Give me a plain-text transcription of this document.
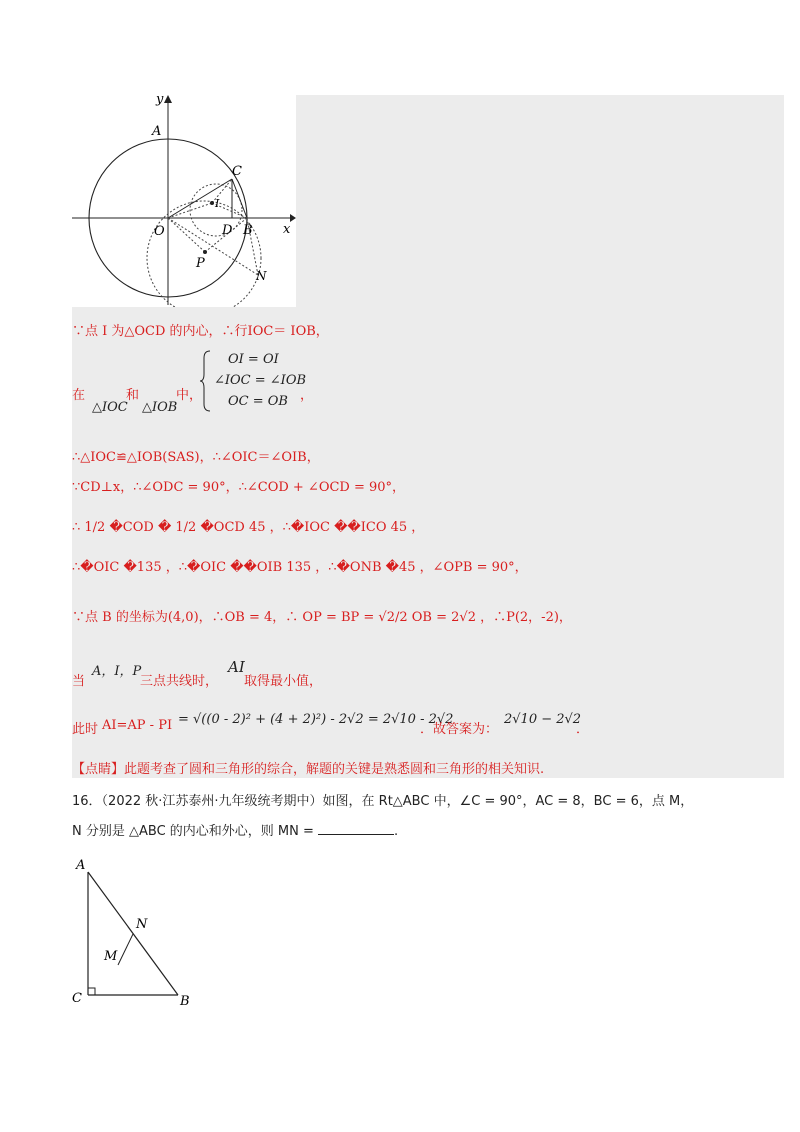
y
x
A
C
I
O	D B
P
N
∵点 I 为△OCD 的内心，∴行IOC＝ IOB，
在
△IOC
和
△IOB
中，
OI = OI
∠IOC = ∠IOB
OC = OB ，
∴△IOC≌△IOB(SAS)，∴∠OIC＝∠OIB，
∵CD⊥x，∴∠ODC = 90°，∴∠COD + ∠OCD = 90°，
∴ 1/2 �COD � 1/2 �OCD 45 ，∴�IOC ��ICO 45 ，
∴�OIC �135 ，∴�OIC ��OIB 135 ，∴�ONB �45 ，∠OPB = 90°，
∵点 B 的坐标为(4,0)，∴OB = 4，∴ OP = BP = √2/2 OB = 2√2 ，∴P(2，-2)，
当
A，I，P
三点共线时，
AI
取得最小值，
此时 AI=AP - PI = √((0 - 2)² + (4 + 2)²) - 2√2 = 2√10 - 2√2
．故答案为：
2√10 − 2√2
．
【点睛】此题考查了圆和三角形的综合，解题的关键是熟悉圆和三角形的相关知识.
16．（2022 秋·江苏泰州·九年级统考期中）如图，在 Rt△ABC 中，∠C = 90°，AC = 8，BC = 6，点 M，
N 分别是 △ABC 的内心和外心，则 MN =	.
A
N
M
C	B
